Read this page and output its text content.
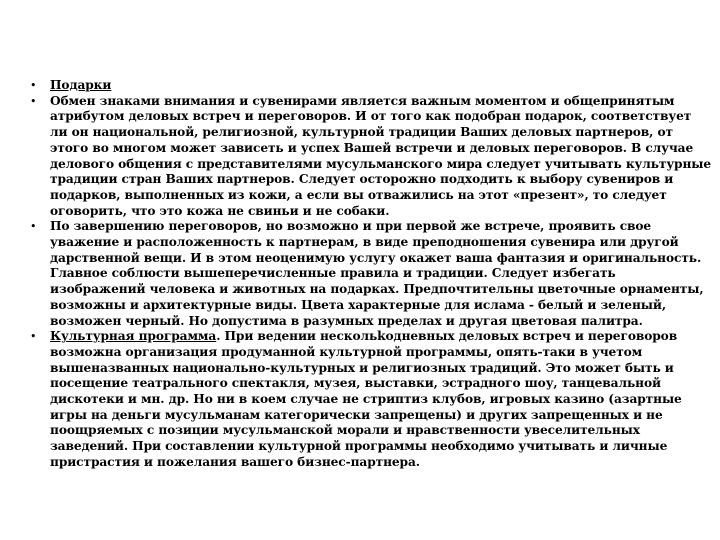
•	Подарки
•	Обмен знаками внимания и сувенирами является важным моментом и общепринятым атрибутом деловых встреч и переговоров. И от того как подобран подарок, соответствует ли он национальной, религиозной, культурной традиции Ваших деловых партнеров, от этого во многом может зависеть и успех Вашей встречи и деловых переговоров. В случае делового общения с представителями мусульманского мира следует учитывать культурные традиции стран Ваших партнеров. Следует осторожно подходить к выбору сувениров и подарков, выполненных из кожи, а если вы отважились на этот «презент», то следует оговорить, что это кожа не свиньи и не собаки.
•	По завершению переговоров, но возможно и при первой же встрече, проявить свое уважение и расположенность к партнерам, в виде преподношения сувенира или другой дарственной вещи. И в этом неоценимую услугу окажет ваша фантазия и оригинальность. Главное соблюсти вышеперечисленные правила и традиции. Следует избегать изображений человека и животных на подарках. Предпочтительны цветочные орнаменты, возможны и архитектурные виды. Цвета характерные для ислама - белый и зеленый, возможен черный. Но допустима в разумных пределах и другая цветовая палитра.
•	Культурная программа. При ведении нескольkoдневных деловых встреч и переговоров возможна организация продуманной культурной программы, опять-таки в учетом вышеназванных национально-культурных и религиозных традиций. Это может быть и посещение театрального спектакля, музея, выставки, эстрадного шоу, танцевальной дискотеки и мн. др. Но ни в коем случае не стриптиз клубов, игровых казино (азартные игры на деньги мусульманам категорически запрещены) и других запрещенных и не поощряемых с позиции мусульманской морали и нравственности увеселительных заведений. При составлении культурной программы необходимо учитывать и личные пристрастия и пожелания вашего бизнес-партнера.
